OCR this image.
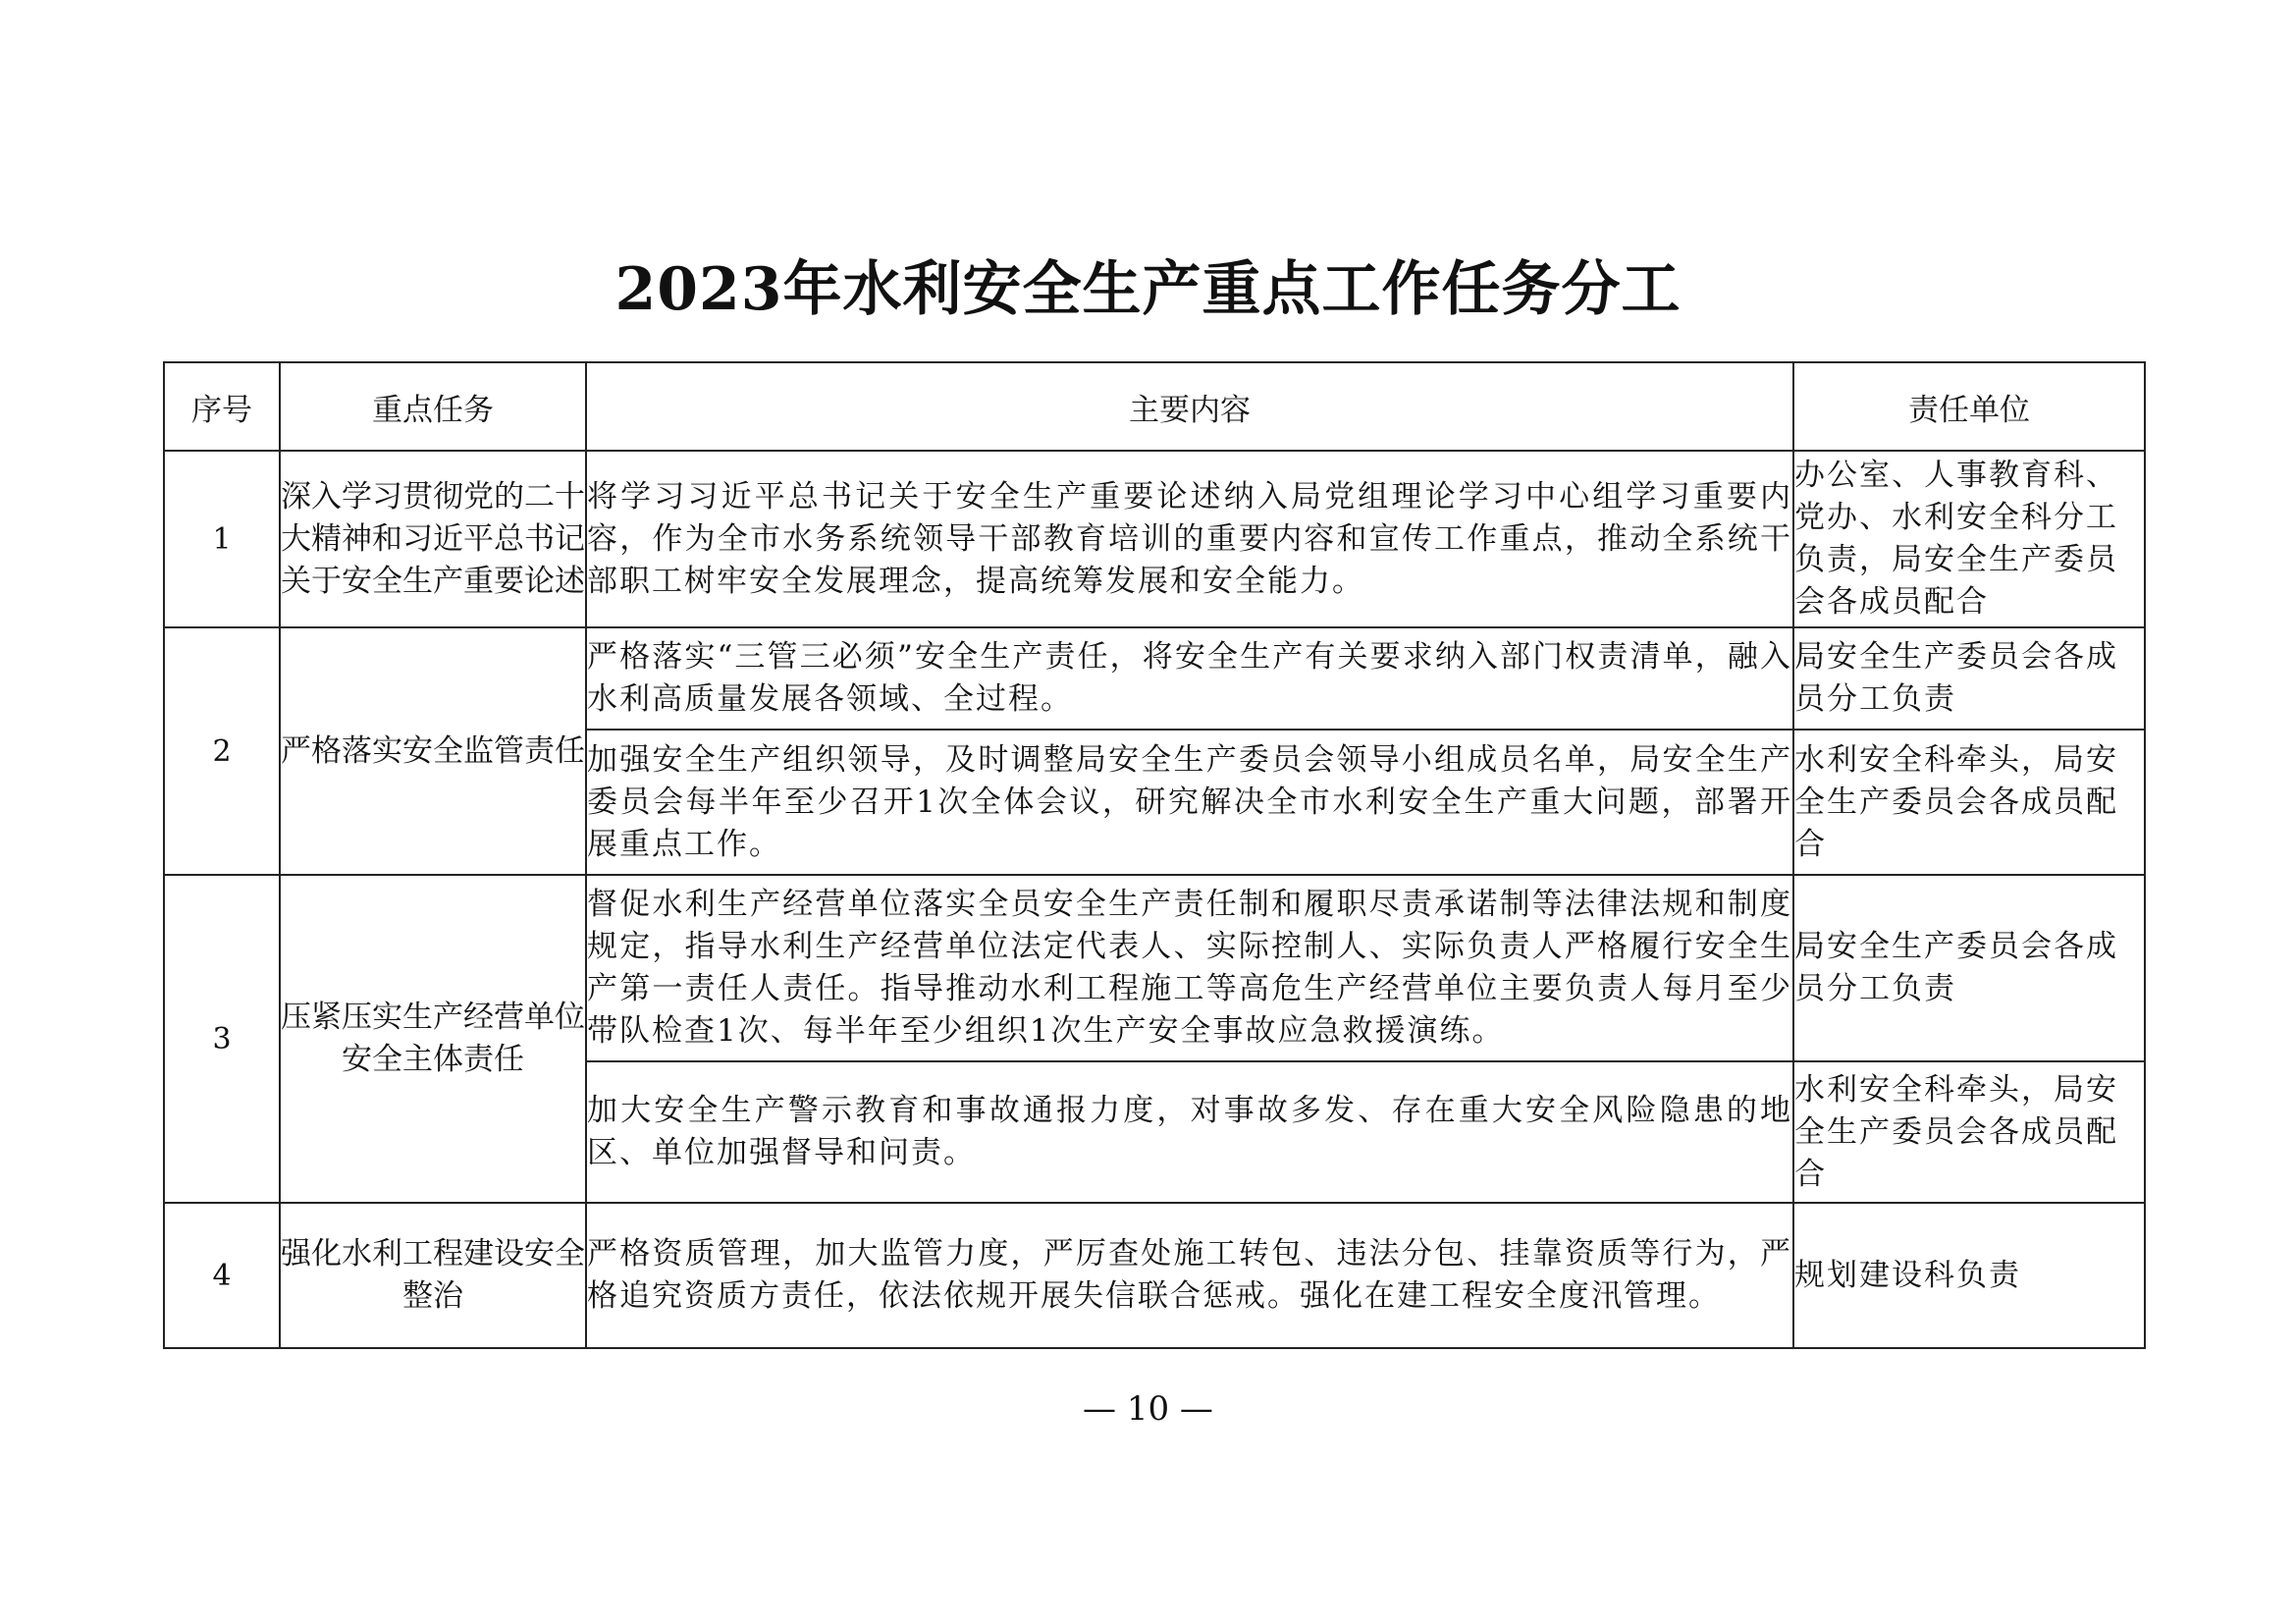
2023年水利安全生产重点工作任务分工
序号	重点任务	主要内容	责任单位
1	深入学习贯彻党的二十大精神和习近平总书记关于安全生产重要论述	将学习习近平总书记关于安全生产重要论述纳入局党组理论学习中心组学习重要内容，作为全市水务系统领导干部教育培训的重要内容和宣传工作重点，推动全系统干部职工树牢安全发展理念，提高统筹发展和安全能力。	办公室、人事教育科、党办、水利安全科分工负责，局安全生产委员会各成员配合
2	严格落实安全监管责任	严格落实“三管三必须”安全生产责任，将安全生产有关要求纳入部门权责清单，融入水利高质量发展各领域、全过程。	局安全生产委员会各成员分工负责
		加强安全生产组织领导，及时调整局安全生产委员会领导小组成员名单，局安全生产委员会每半年至少召开1次全体会议，研究解决全市水利安全生产重大问题，部署开展重点工作。	水利安全科牵头，局安全生产委员会各成员配合
3	压紧压实生产经营单位安全主体责任	督促水利生产经营单位落实全员安全生产责任制和履职尽责承诺制等法律法规和制度规定，指导水利生产经营单位法定代表人、实际控制人、实际负责人严格履行安全生产第一责任人责任。指导推动水利工程施工等高危生产经营单位主要负责人每月至少带队检查1次、每半年至少组织1次生产安全事故应急救援演练。	局安全生产委员会各成员分工负责
		加大安全生产警示教育和事故通报力度，对事故多发、存在重大安全风险隐患的地区、单位加强督导和问责。	水利安全科牵头，局安全生产委员会各成员配合
4	强化水利工程建设安全整治	严格资质管理，加大监管力度，严厉查处施工转包、违法分包、挂靠资质等行为，严格追究资质方责任，依法依规开展失信联合惩戒。强化在建工程安全度汛管理。	规划建设科负责
— 10 —
